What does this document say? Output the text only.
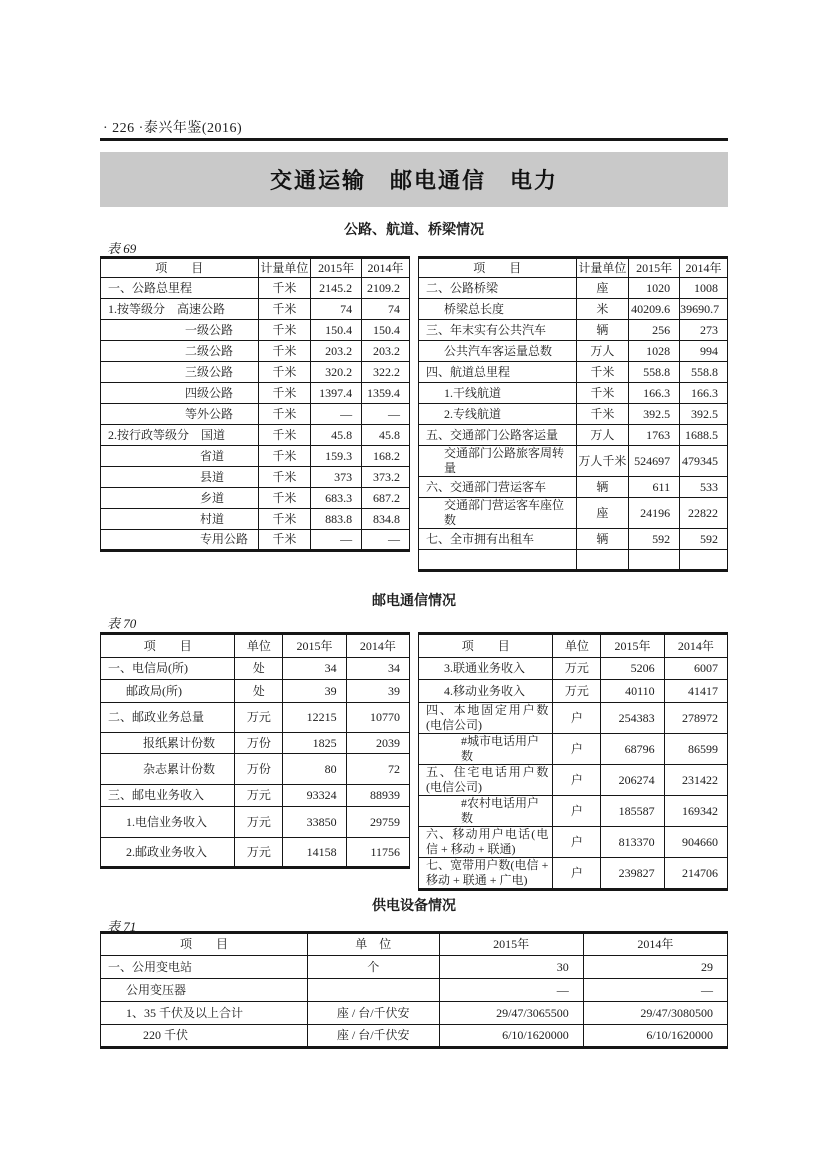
· 226 ·泰兴年鉴(2016)
交通运输　邮电通信　电力
公路、航道、桥梁情况
表 69
项　　目	计量单位	2015年	2014年
一、公路总里程	千米	2145.2	2109.2
1.按等级分　高速公路	千米	74	74
一级公路	千米	150.4	150.4
二级公路	千米	203.2	203.2
三级公路	千米	320.2	322.2
四级公路	千米	1397.4	1359.4
等外公路	千米	—	—
2.按行政等级分　国道	千米	45.8	45.8
省道	千米	159.3	168.2
县道	千米	373	373.2
乡道	千米	683.3	687.2
村道	千米	883.8	834.8
专用公路	千米	—	—
项　　目	计量单位	2015年	2014年
二、公路桥梁	座	1020	1008
桥梁总长度	米	40209.6	39690.7
三、年末实有公共汽车	辆	256	273
公共汽车客运量总数	万人	1028	994
四、航道总里程	千米	558.8	558.8
1.干线航道	千米	166.3	166.3
2.专线航道	千米	392.5	392.5
五、交通部门公路客运量	万人	1763	1688.5
交通部门公路旅客周转量	万人千米	524697	479345
六、交通部门营运客车	辆	611	533
交通部门营运客车座位数	座	24196	22822
七、全市拥有出租车	辆	592	592

邮电通信情况
表 70
项　　目	单位	2015年	2014年
一、电信局(所)	处	34	34
邮政局(所)	处	39	39
二、邮政业务总量	万元	12215	10770
报纸累计份数	万份	1825	2039
杂志累计份数	万份	80	72
三、邮电业务收入	万元	93324	88939
1.电信业务收入	万元	33850	29759
2.邮政业务收入	万元	14158	11756
项　　目	单位	2015年	2014年
3.联通业务收入	万元	5206	6007
4.移动业务收入	万元	40110	41417
四、本地固定用户数(电信公司)	户	254383	278972
#城市电话用户数	户	68796	86599
五、住宅电话用户数(电信公司)	户	206274	231422
#农村电话用户数	户	185587	169342
六、移动用户电话(电信 + 移动 + 联通)	户	813370	904660
七、宽带用户数(电信 + 移动 + 联通 + 广电)	户	239827	214706
供电设备情况
表 71
项　　目	单　位	2015年	2014年
一、公用变电站	个	30	29
公用变压器		—	—
1、35 千伏及以上合计	座 / 台/千伏安	29/47/3065500	29/47/3080500
220 千伏	座 / 台/千伏安	6/10/1620000	6/10/1620000
